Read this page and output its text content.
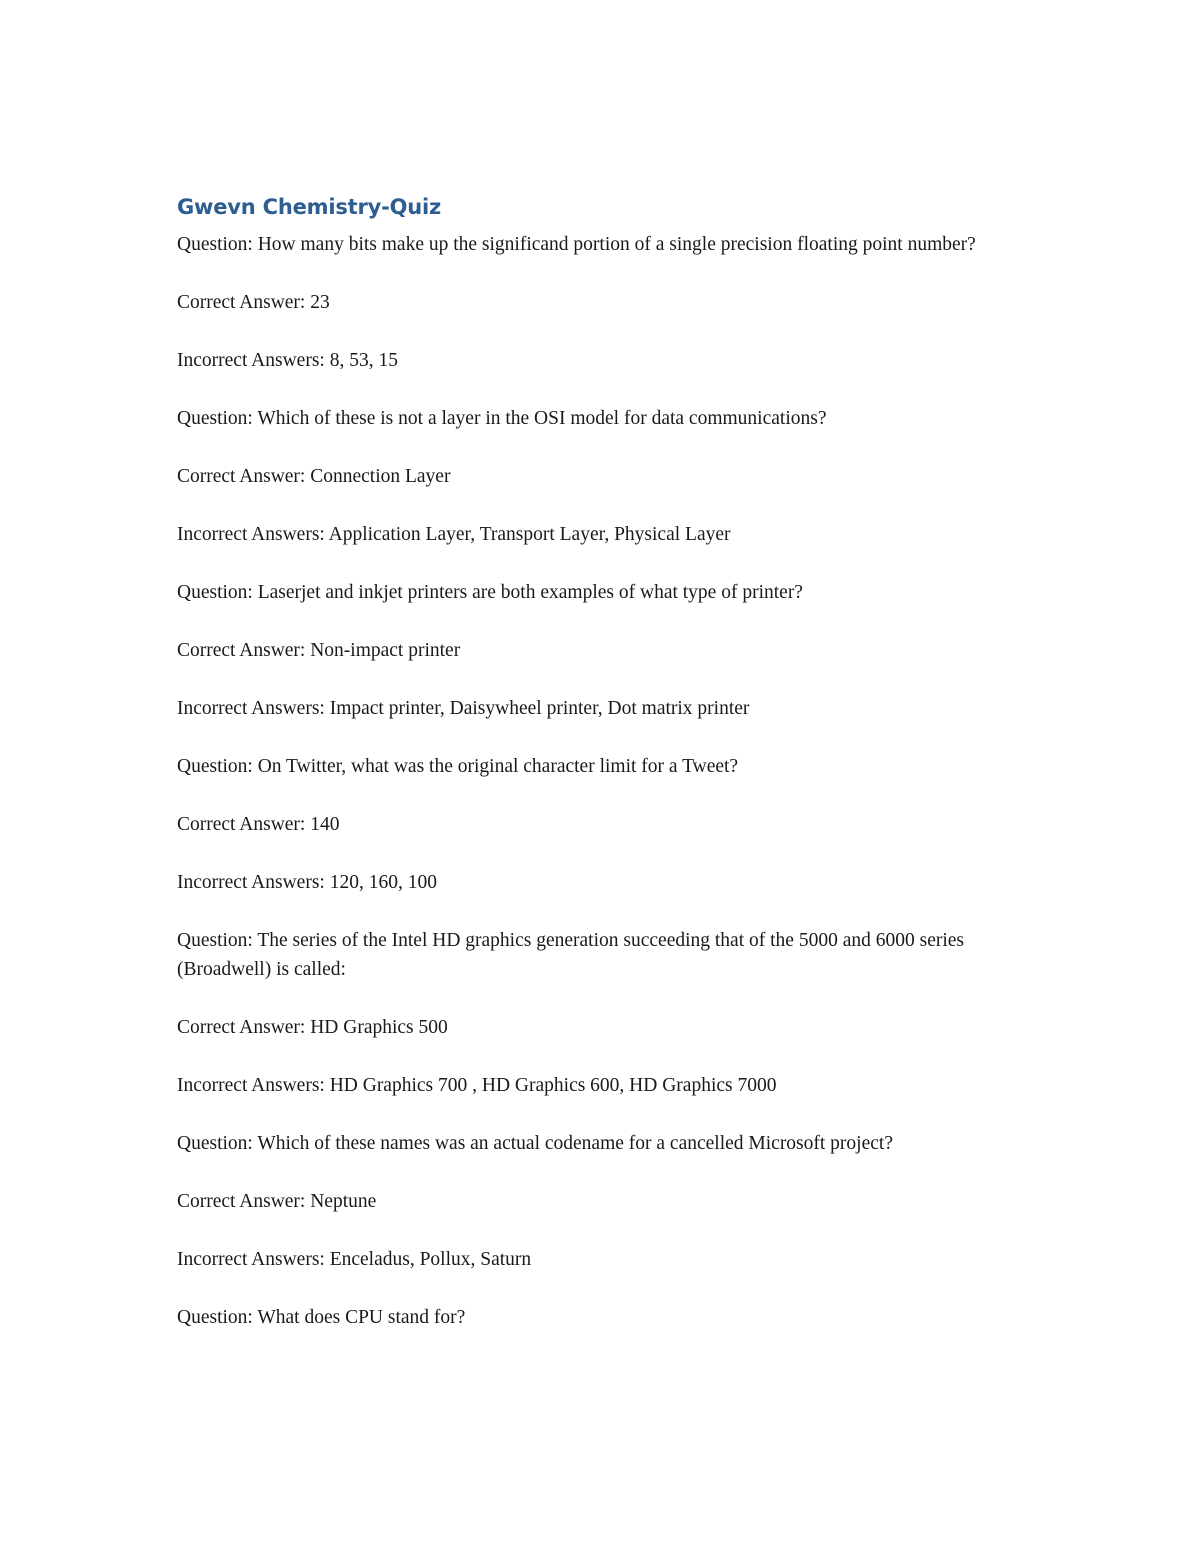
Gwevn Chemistry-Quiz

Question: How many bits make up the significand portion of a single precision floating point number?

Correct Answer: 23

Incorrect Answers: 8, 53, 15

Question: Which of these is not a layer in the OSI model for data communications?

Correct Answer: Connection Layer

Incorrect Answers: Application Layer, Transport Layer, Physical Layer

Question: Laserjet and inkjet printers are both examples of what type of printer?

Correct Answer: Non-impact printer

Incorrect Answers: Impact printer, Daisywheel printer, Dot matrix printer

Question: On Twitter, what was the original character limit for a Tweet?

Correct Answer: 140

Incorrect Answers: 120, 160, 100

Question: The series of the Intel HD graphics generation succeeding that of the 5000 and 6000 series (Broadwell) is called:

Correct Answer: HD Graphics 500

Incorrect Answers: HD Graphics 700 , HD Graphics 600, HD Graphics 7000

Question: Which of these names was an actual codename for a cancelled Microsoft project?

Correct Answer: Neptune

Incorrect Answers: Enceladus, Pollux, Saturn

Question: What does CPU stand for?
